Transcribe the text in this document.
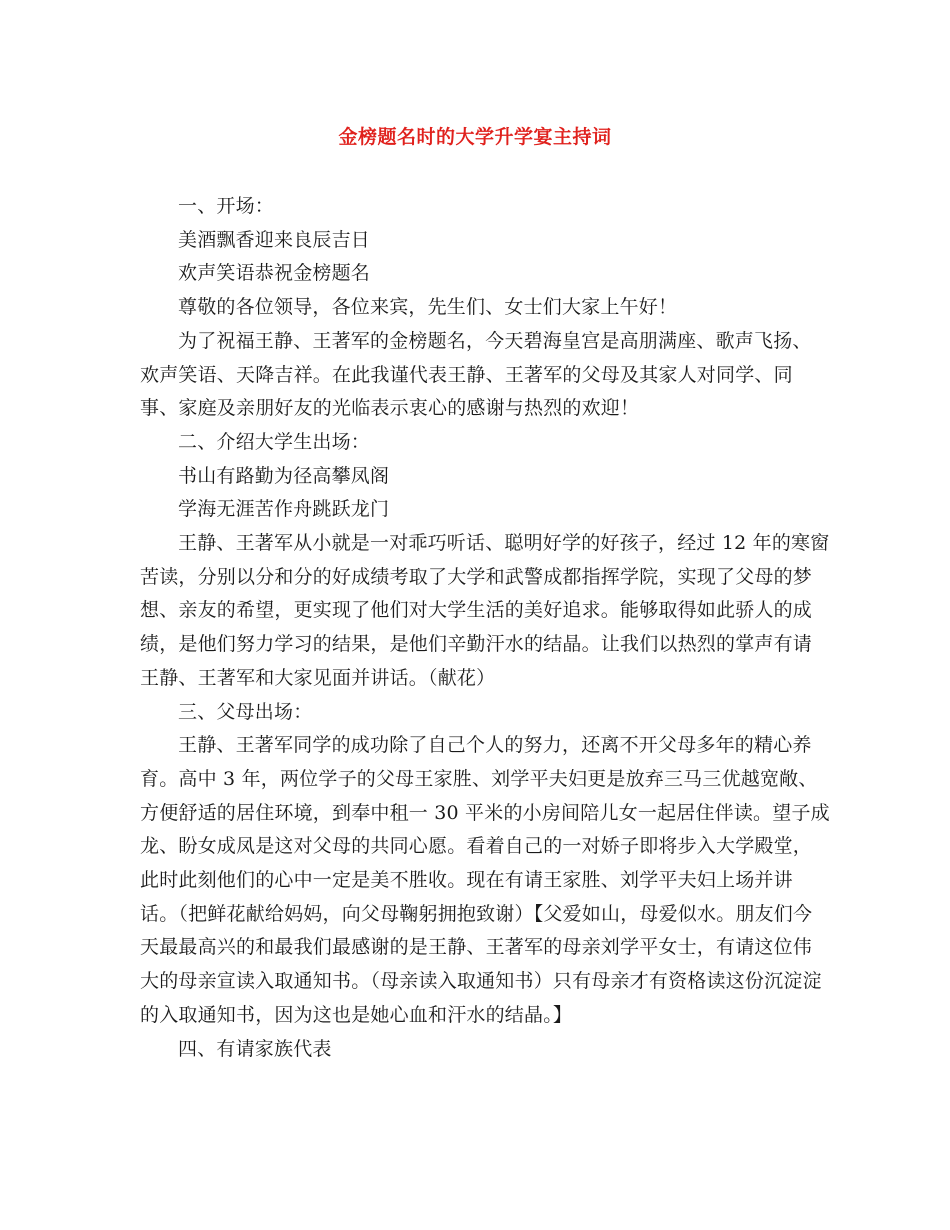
金榜题名时的大学升学宴主持词

一、开场：

美酒飘香迎来良辰吉日

欢声笑语恭祝金榜题名

尊敬的各位领导，各位来宾，先生们、女士们大家上午好！

为了祝福王静、王著军的金榜题名，今天碧海皇宫是高朋满座、歌声飞扬、欢声笑语、天降吉祥。在此我谨代表王静、王著军的父母及其家人对同学、同事、家庭及亲朋好友的光临表示衷心的感谢与热烈的欢迎！

二、介绍大学生出场：

书山有路勤为径高攀凤阁

学海无涯苦作舟跳跃龙门

王静、王著军从小就是一对乖巧听话、聪明好学的好孩子，经过 12 年的寒窗苦读，分别以分和分的好成绩考取了大学和武警成都指挥学院，实现了父母的梦想、亲友的希望，更实现了他们对大学生活的美好追求。能够取得如此骄人的成绩，是他们努力学习的结果，是他们辛勤汗水的结晶。让我们以热烈的掌声有请王静、王著军和大家见面并讲话。（献花）

三、父母出场：

王静、王著军同学的成功除了自己个人的努力，还离不开父母多年的精心养育。高中 3 年，两位学子的父母王家胜、刘学平夫妇更是放弃三马三优越宽敞、方便舒适的居住环境，到奉中租一 30 平米的小房间陪儿女一起居住伴读。望子成龙、盼女成凤是这对父母的共同心愿。看着自己的一对娇子即将步入大学殿堂，此时此刻他们的心中一定是美不胜收。现在有请王家胜、刘学平夫妇上场并讲话。（把鲜花献给妈妈，向父母鞠躬拥抱致谢）【父爱如山，母爱似水。朋友们今天最最高兴的和最我们最感谢的是王静、王著军的母亲刘学平女士，有请这位伟大的母亲宣读入取通知书。（母亲读入取通知书）只有母亲才有资格读这份沉淀淀的入取通知书，因为这也是她心血和汗水的结晶。】

四、有请家族代表
